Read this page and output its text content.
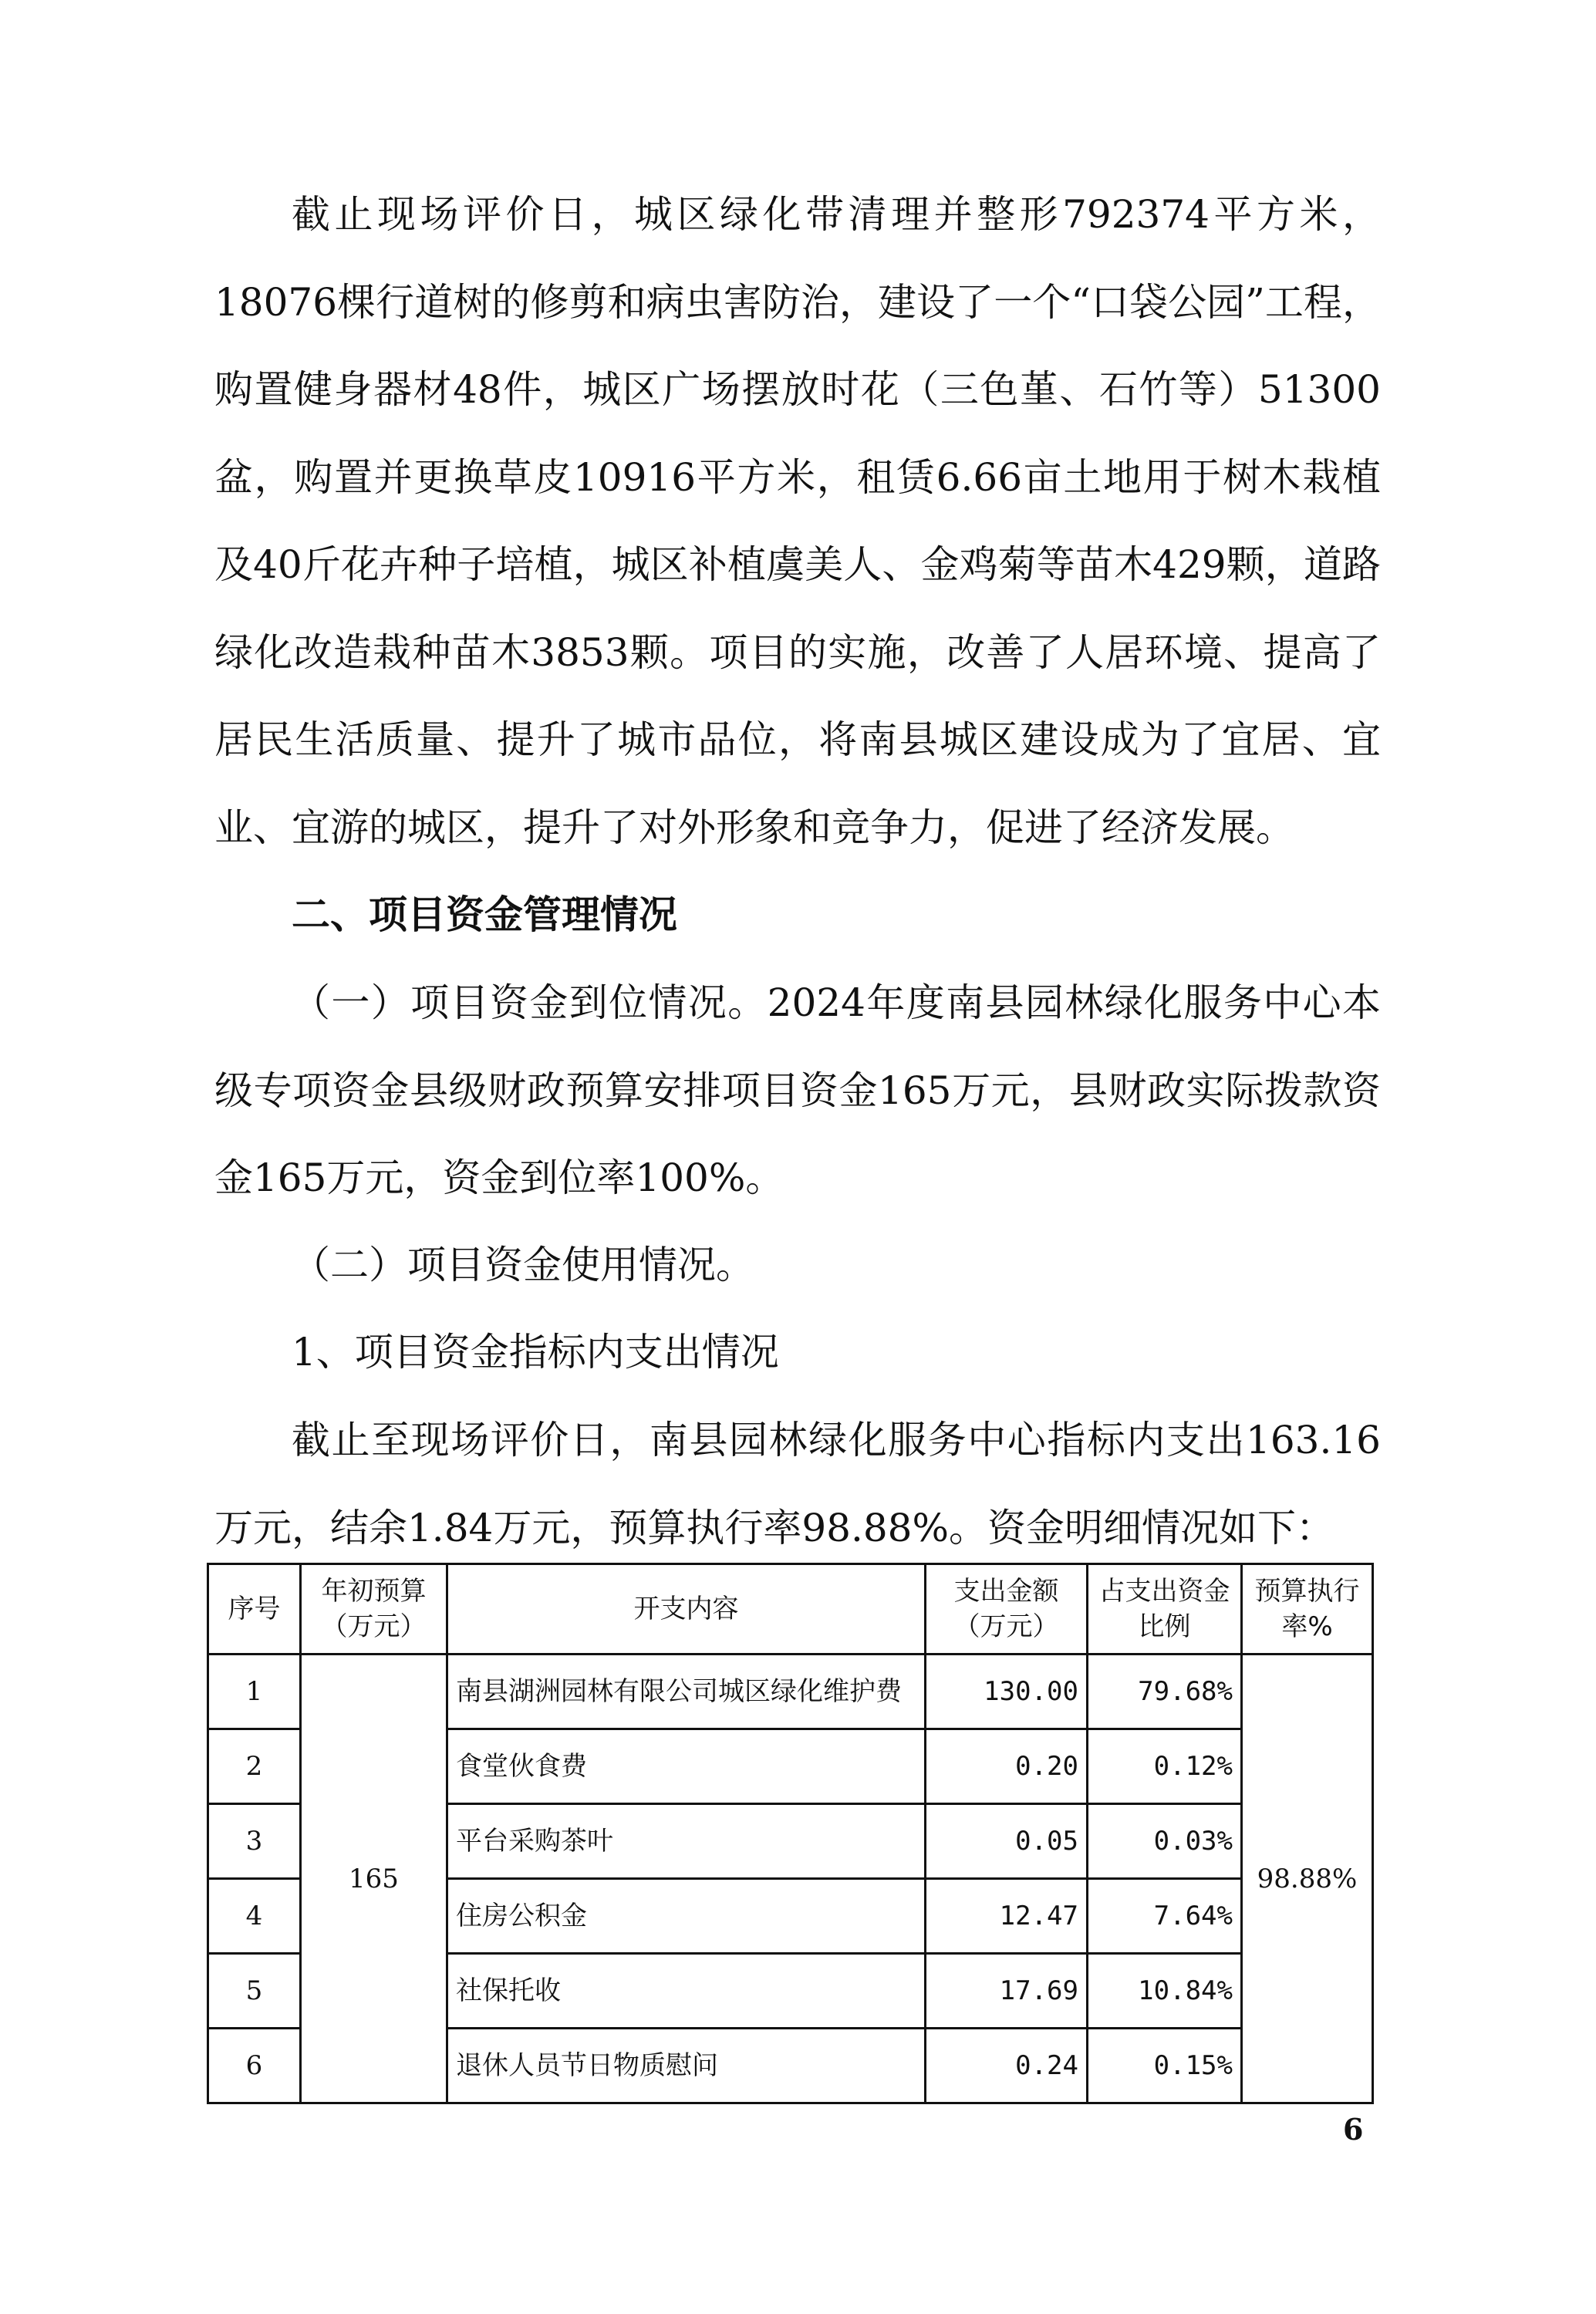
截止现场评价日，城区绿化带清理并整形792374平方米，18076棵行道树的修剪和病虫害防治，建设了一个“口袋公园”工程，购置健身器材48件，城区广场摆放时花（三色堇、石竹等）51300盆，购置并更换草皮10916平方米，租赁6.66亩土地用于树木栽植及40斤花卉种子培植，城区补植虞美人、金鸡菊等苗木429颗，道路绿化改造栽种苗木3853颗。项目的实施，改善了人居环境、提高了居民生活质量、提升了城市品位，将南县城区建设成为了宜居、宜业、宜游的城区，提升了对外形象和竞争力，促进了经济发展。

二、项目资金管理情况

（一）项目资金到位情况。2024年度南县园林绿化服务中心本级专项资金县级财政预算安排项目资金165万元，县财政实际拨款资金165万元，资金到位率100%。

（二）项目资金使用情况。

1、项目资金指标内支出情况

截止至现场评价日，南县园林绿化服务中心指标内支出163.16万元，结余1.84万元，预算执行率98.88%。资金明细情况如下：

序号	年初预算（万元）	开支内容	支出金额（万元）	占支出资金比例	预算执行率%
1	165	南县湖洲园林有限公司城区绿化维护费	130.00	79.68%	98.88%
2		食堂伙食费	0.20	0.12%	
3		平台采购茶叶	0.05	0.03%	
4		住房公积金	12.47	7.64%	
5		社保托收	17.69	10.84%	
6		退休人员节日物质慰问	0.24	0.15%	
6
